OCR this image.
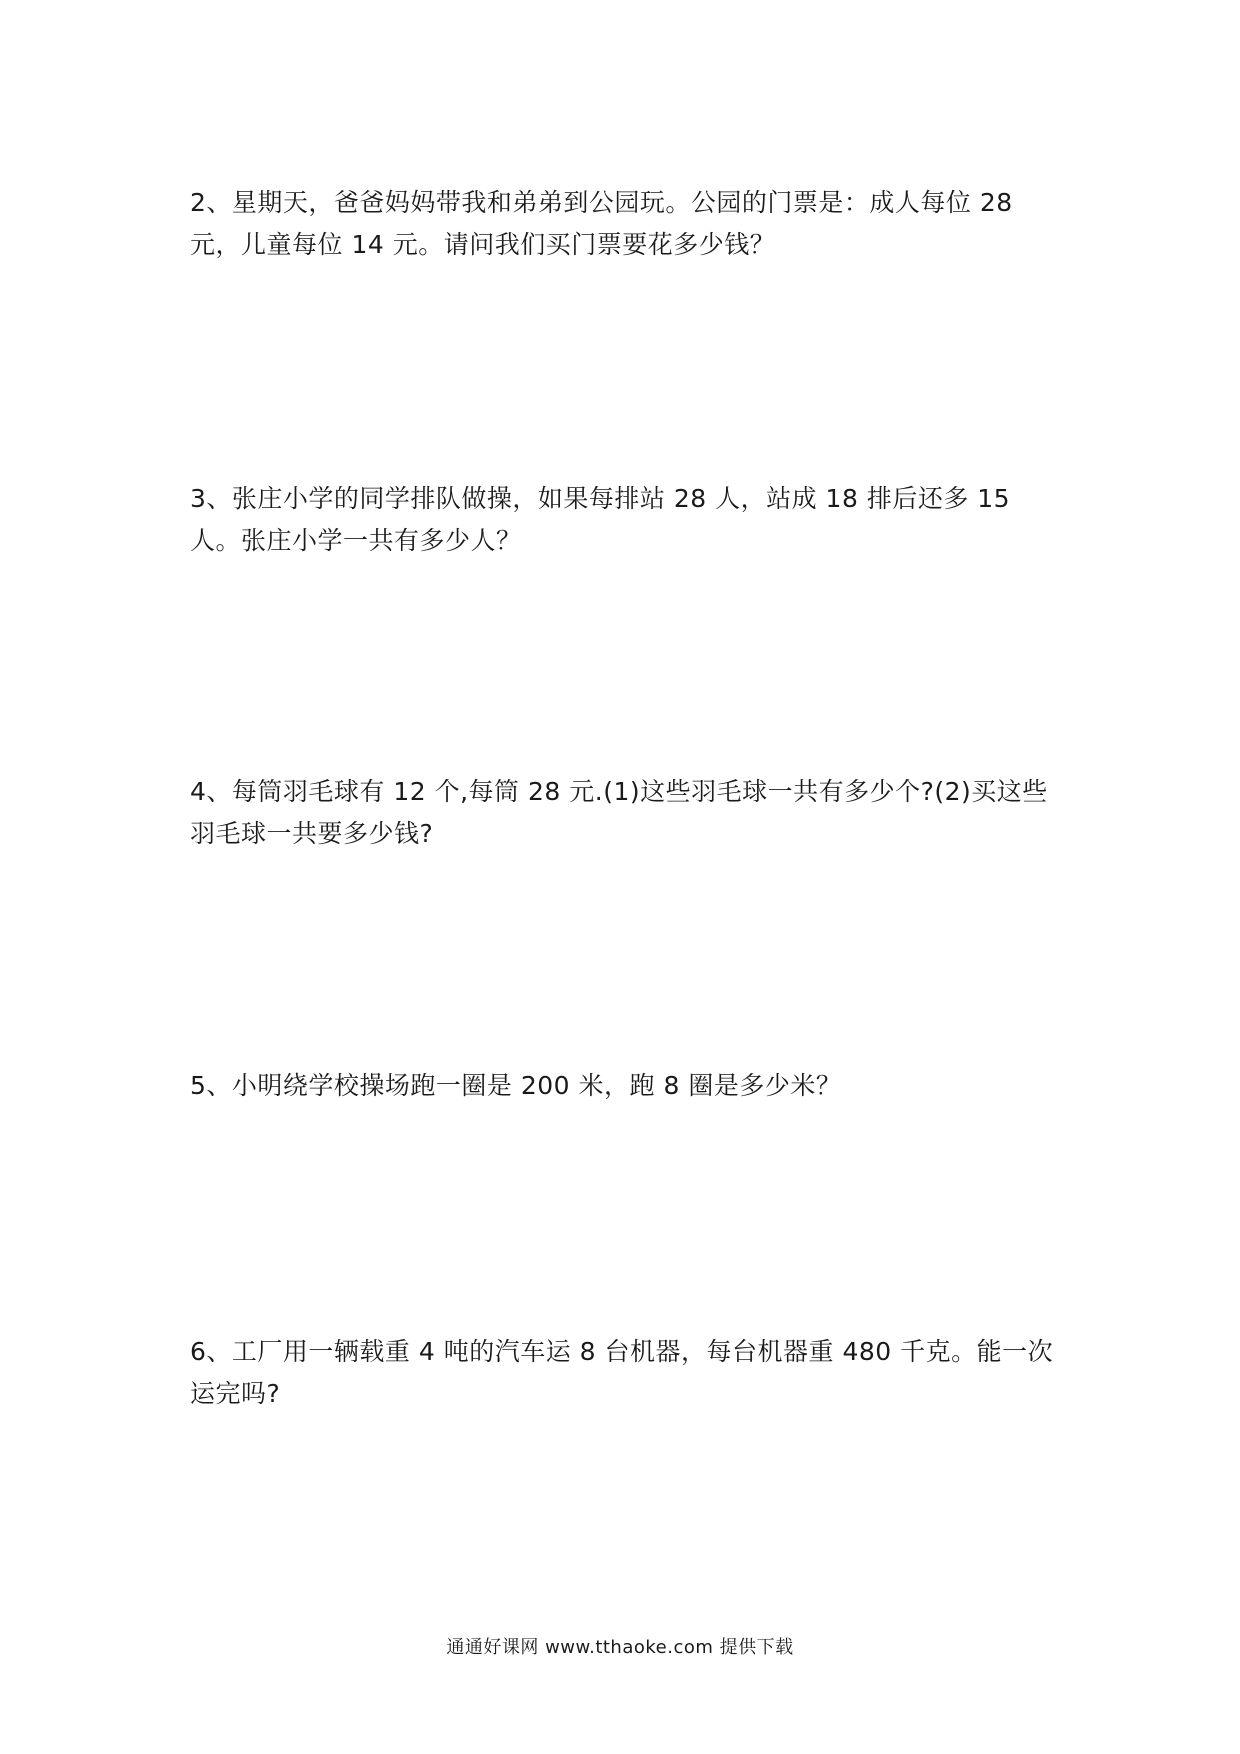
2、星期天，爸爸妈妈带我和弟弟到公园玩。公园的门票是：成人每位 28 元，儿童每位 14 元。请问我们买门票要花多少钱？

3、张庄小学的同学排队做操，如果每排站 28 人，站成 18 排后还多 15 人。张庄小学一共有多少人？

4、每筒羽毛球有 12 个,每筒 28 元.(1)这些羽毛球一共有多少个?(2)买这些羽毛球一共要多少钱?

5、小明绕学校操场跑一圈是 200 米，跑 8 圈是多少米？

6、工厂用一辆载重 4 吨的汽车运 8 台机器，每台机器重 480 千克。能一次运完吗?

通通好课网 www.tthaoke.com 提供下载
